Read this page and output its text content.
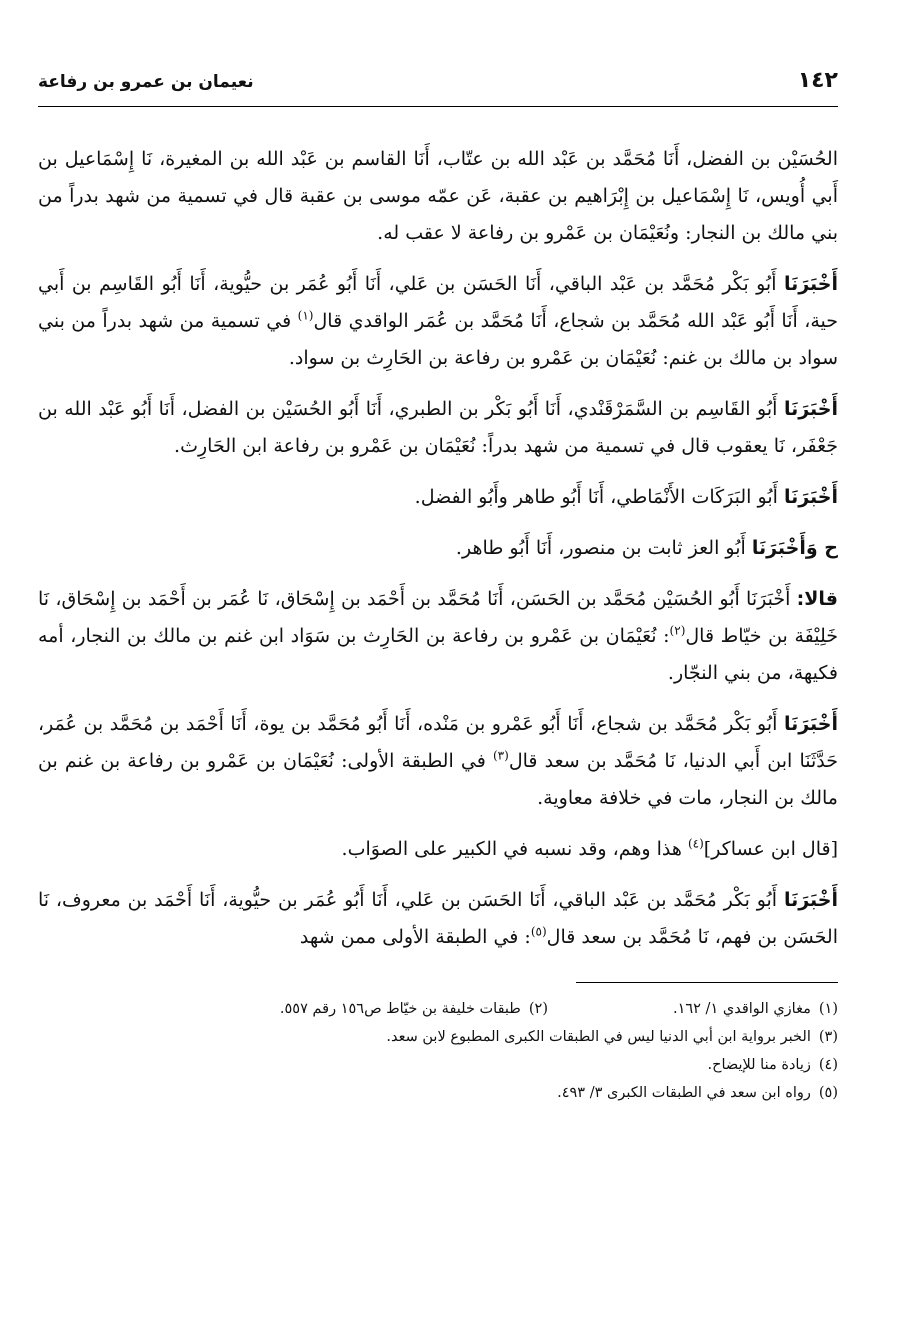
١٤٢
نعيمان بن عمرو بن رفاعة

الحُسَيْن بن الفضل، أَنَا مُحَمَّد بن عَبْد الله بن عتّاب، أَنَا القاسم بن عَبْد الله بن المغيرة، نَا إِسْمَاعيل بن أَبي أُويس، نَا إِسْمَاعيل بن إِبْرَاهيم بن عقبة، عَن عمّه موسى بن عقبة قال في تسمية من شهد بدراً من بني مالك بن النجار: ونُعَيْمَان بن عَمْرو بن رفاعة لا عقب له.

أَخْبَرَنَا أَبُو بَكْر مُحَمَّد بن عَبْد الباقي، أَنَا الحَسَن بن عَلي، أَنَا أَبُو عُمَر بن حيُّوية، أَنَا أَبُو القَاسِم بن أَبي حية، أَنَا أَبُو عَبْد الله مُحَمَّد بن شجاع، أَنَا مُحَمَّد بن عُمَر الواقدي قال$^{(١)}$ في تسمية من شهد بدراً من بني سواد بن مالك بن غنم: نُعَيْمَان بن عَمْرو بن رفاعة بن الحَارِث بن سواد.

أَخْبَرَنَا أَبُو القَاسِم بن السَّمَرْقَنْدي، أَنَا أَبُو بَكْر بن الطبري، أَنَا أَبُو الحُسَيْن بن الفضل، أَنَا أَبُو عَبْد الله بن جَعْفَر، نَا يعقوب قال في تسمية من شهد بدراً: نُعَيْمَان بن عَمْرو بن رفاعة ابن الحَارِث.

أَخْبَرَنَا أَبُو البَرَكَات الأَنْمَاطي، أَنَا أَبُو طاهر وأَبُو الفضل.

ح وَأَخْبَرَنَا أَبُو العز ثابت بن منصور، أَنَا أَبُو طاهر.

قالا: أَخْبَرَنَا أَبُو الحُسَيْن مُحَمَّد بن الحَسَن، أَنَا مُحَمَّد بن أَحْمَد بن إِسْحَاق، نَا عُمَر بن أَحْمَد بن إِسْحَاق، نَا خَلِيْفَة بن خيّاط قال$^{(٢)}$: نُعَيْمَان بن عَمْرو بن رفاعة بن الحَارِث بن سَوَاد ابن غنم بن مالك بن النجار، أمه فكيهة، من بني النجّار.

أَخْبَرَنَا أَبُو بَكْر مُحَمَّد بن شجاع، أَنَا أَبُو عَمْرو بن مَنْده، أَنَا أَبُو مُحَمَّد بن يوة، أَنَا أَحْمَد بن مُحَمَّد بن عُمَر، حَدَّثَنَا ابن أَبي الدنيا، نَا مُحَمَّد بن سعد قال$^{(٣)}$ في الطبقة الأولى: نُعَيْمَان بن عَمْرو بن رفاعة بن غنم بن مالك بن النجار، مات في خلافة معاوية.

[قال ابن عساكر]$^{(٤)}$ هذا وهم، وقد نسبه في الكبير على الصوَاب.

أَخْبَرَنَا أَبُو بَكْر مُحَمَّد بن عَبْد الباقي، أَنَا الحَسَن بن عَلي، أَنَا أَبُو عُمَر بن حيُّوية، أَنَا أَحْمَد بن معروف، نَا الحَسَن بن فهم، نَا مُحَمَّد بن سعد قال$^{(٥)}$: في الطبقة الأولى ممن شهد

(١)مغازي الواقدي ١/ ١٦٢.
(٢)طبقات خليفة بن خيّاط ص١٥٦ رقم ٥٥٧.
(٣)الخبر برواية ابن أبي الدنيا ليس في الطبقات الكبرى المطبوع لابن سعد.
(٤)زيادة منا للإيضاح.
(٥)رواه ابن سعد في الطبقات الكبرى ٣/ ٤٩٣.
